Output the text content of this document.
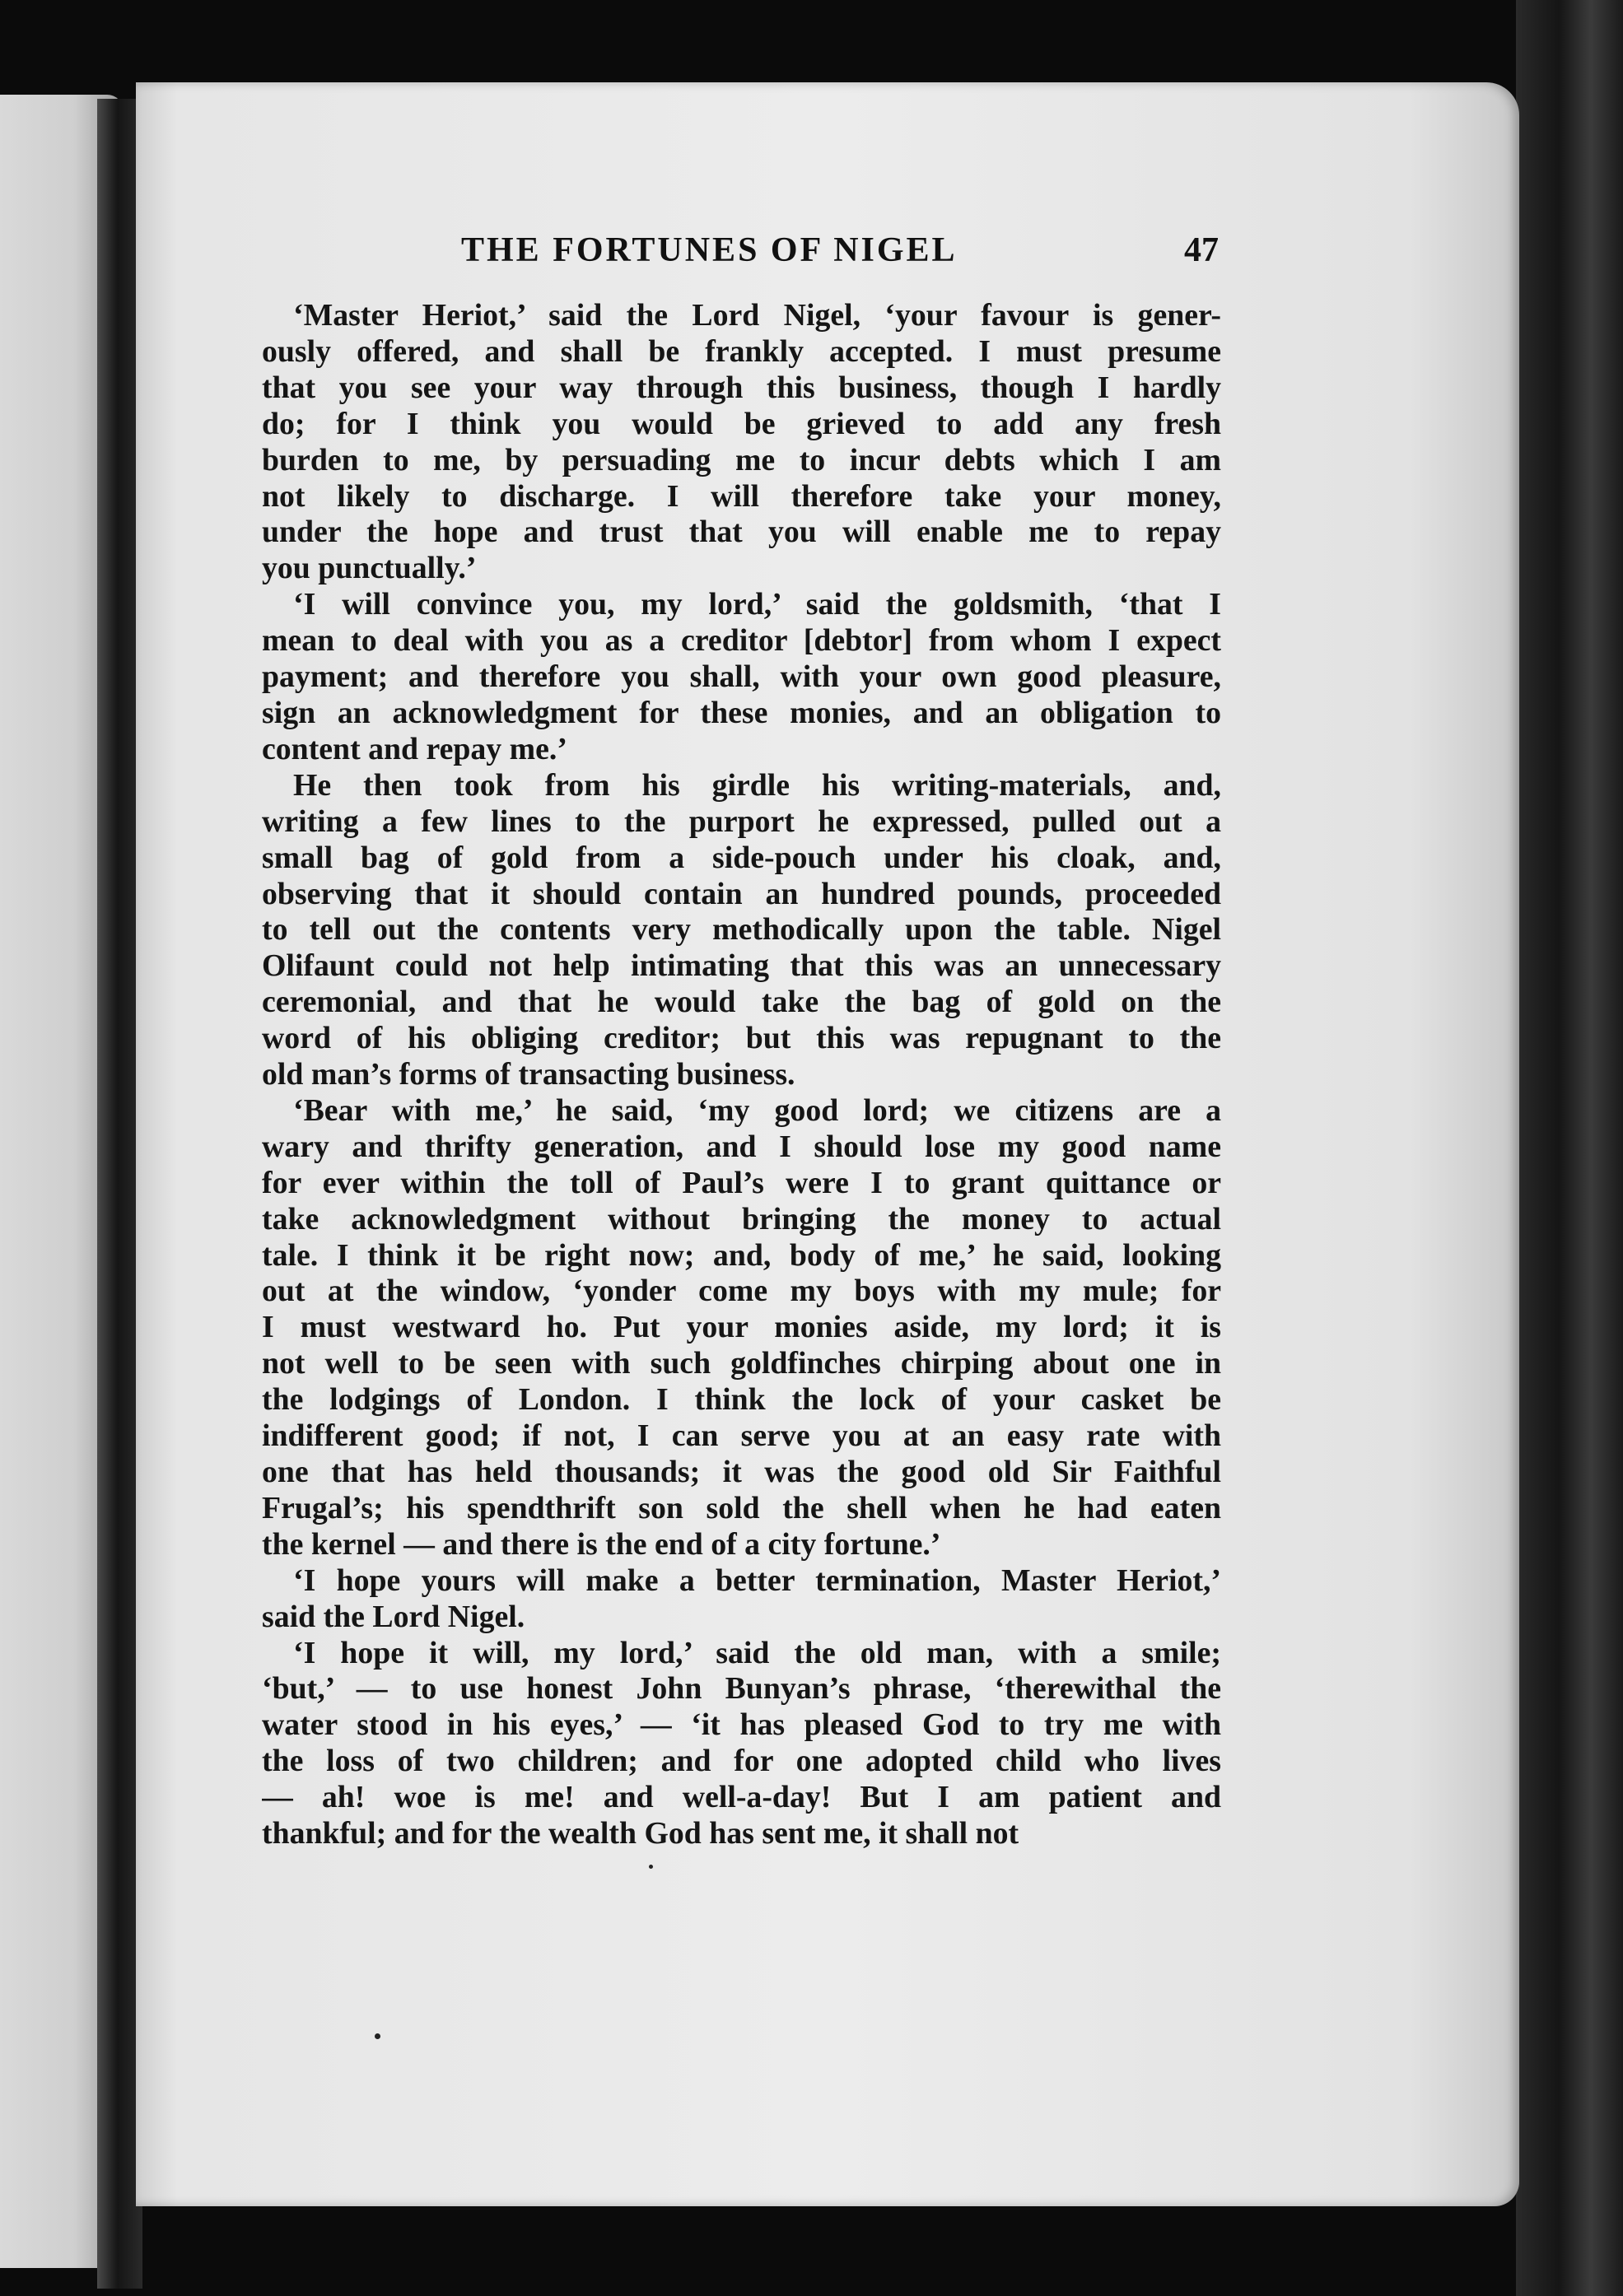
THE FORTUNES OF NIGEL	47
‘Master Heriot,’ said the Lord Nigel, ‘your favour is gener-
ously offered, and shall be frankly accepted. I must presume
that you see your way through this business, though I hardly
do; for I think you would be grieved to add any fresh
burden to me, by persuading me to incur debts which I am
not likely to discharge. I will therefore take your money,
under the hope and trust that you will enable me to repay
you punctually.’
‘I will convince you, my lord,’ said the goldsmith, ‘that I
mean to deal with you as a creditor [debtor] from whom I expect
payment; and therefore you shall, with your own good pleasure,
sign an acknowledgment for these monies, and an obligation to
content and repay me.’
He then took from his girdle his writing-materials, and,
writing a few lines to the purport he expressed, pulled out a
small bag of gold from a side-pouch under his cloak, and,
observing that it should contain an hundred pounds, proceeded
to tell out the contents very methodically upon the table. Nigel
Olifaunt could not help intimating that this was an unnecessary
ceremonial, and that he would take the bag of gold on the
word of his obliging creditor; but this was repugnant to the
old man’s forms of transacting business.
‘Bear with me,’ he said, ‘my good lord; we citizens are a
wary and thrifty generation, and I should lose my good name
for ever within the toll of Paul’s were I to grant quittance or
take acknowledgment without bringing the money to actual
tale. I think it be right now; and, body of me,’ he said, looking
out at the window, ‘yonder come my boys with my mule; for
I must westward ho. Put your monies aside, my lord; it is
not well to be seen with such goldfinches chirping about one in
the lodgings of London. I think the lock of your casket be
indifferent good; if not, I can serve you at an easy rate with
one that has held thousands; it was the good old Sir Faithful
Frugal’s; his spendthrift son sold the shell when he had eaten
the kernel — and there is the end of a city fortune.’
‘I hope yours will make a better termination, Master Heriot,’
said the Lord Nigel.
‘I hope it will, my lord,’ said the old man, with a smile;
‘but,’ — to use honest John Bunyan’s phrase, ‘therewithal the
water stood in his eyes,’ — ‘it has pleased God to try me with
the loss of two children; and for one adopted child who lives
— ah! woe is me! and well-a-day! But I am patient and
thankful; and for the wealth God has sent me, it shall not
